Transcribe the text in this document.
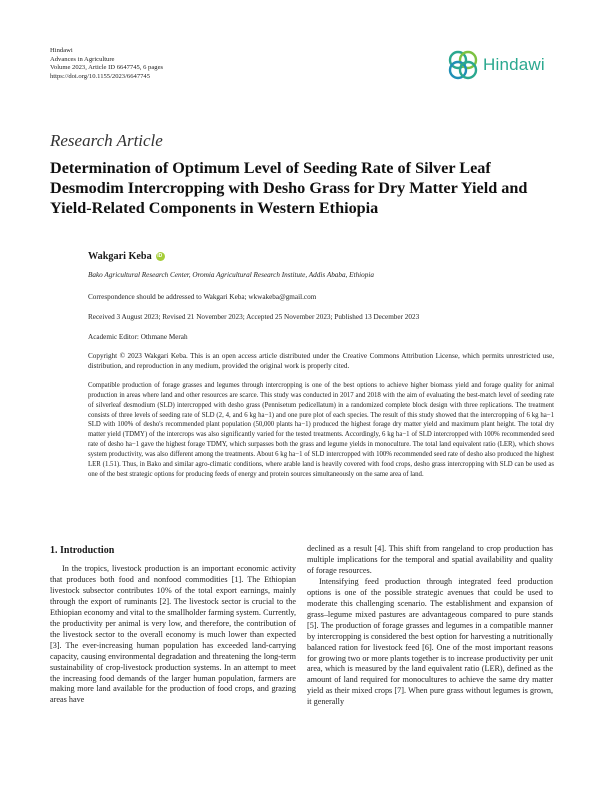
Hindawi
Advances in Agriculture
Volume 2023, Article ID 6647745, 6 pages
https://doi.org/10.1155/2023/6647745
Hindawi
Research Article
Determination of Optimum Level of Seeding Rate of Silver Leaf Desmodim Intercropping with Desho Grass for Dry Matter Yield and Yield-Related Components in Western Ethiopia
Wakgari Keba
iD
Bako Agricultural Research Center, Oromia Agricultural Research Institute, Addis Ababa, Ethiopia
Correspondence should be addressed to Wakgari Keba; wkwakeba@gmail.com
Received 3 August 2023; Revised 21 November 2023; Accepted 25 November 2023; Published 13 December 2023
Academic Editor: Othmane Merah
Copyright © 2023 Wakgari Keba. This is an open access article distributed under the Creative Commons Attribution License, which permits unrestricted use, distribution, and reproduction in any medium, provided the original work is properly cited.
Compatible production of forage grasses and legumes through intercropping is one of the best options to achieve higher biomass yield and forage quality for animal production in areas where land and other resources are scarce. This study was conducted in 2017 and 2018 with the aim of evaluating the best-match level of seeding rate of silverleaf desmodium (SLD) intercropped with desho grass (Pennisetum pedicellatum) in a randomized complete block design with three replications. The treatment consists of three levels of seeding rate of SLD (2, 4, and 6 kg ha−1) and one pure plot of each species. The result of this study showed that the intercropping of 6 kg ha−1 SLD with 100% of desho's recommended plant population (50,000 plants ha−1) produced the highest forage dry matter yield and maximum plant height. The total dry matter yield (TDMY) of the intercrops was also significantly varied for the tested treatments. Accordingly, 6 kg ha−1 of SLD intercropped with 100% recommended seed rate of desho ha−1 gave the highest forage TDMY, which surpasses both the grass and legume yields in monoculture. The total land equivalent ratio (LER), which shows system productivity, was also different among the treatments. About 6 kg ha−1 of SLD intercropped with 100% recommended seed rate of desho also produced the highest LER (1.51). Thus, in Bako and similar agro-climatic conditions, where arable land is heavily covered with food crops, desho grass intercropping with SLD can be used as one of the best strategic options for producing feeds of energy and protein sources simultaneously on the same area of land.
1. Introduction

In the tropics, livestock production is an important economic activity that produces both food and nonfood commodities [1]. The Ethiopian livestock subsector contributes 10% of the total export earnings, mainly through the export of ruminants [2]. The livestock sector is crucial to the Ethiopian economy and vital to the smallholder farming system. Currently, the productivity per animal is very low, and therefore, the contribution of the livestock sector to the overall economy is much lower than expected [3]. The ever-increasing human population has exceeded land-carrying capacity, causing environmental degradation and threatening the long-term sustainability of crop-livestock production systems. In an attempt to meet the increasing food demands of the larger human population, farmers are making more land available for the production of food crops, and grazing areas have

declined as a result [4]. This shift from rangeland to crop production has multiple implications for the temporal and spatial availability and quality of forage resources.

Intensifying feed production through integrated feed production options is one of the possible strategic avenues that could be used to moderate this challenging scenario. The establishment and expansion of grass–legume mixed pastures are advantageous compared to pure stands [5]. The production of forage grasses and legumes in a compatible manner by intercropping is considered the best option for harvesting a nutritionally balanced ration for livestock feed [6]. One of the most important reasons for growing two or more plants together is to increase productivity per unit area, which is measured by the land equivalent ratio (LER), defined as the amount of land required for monocultures to achieve the same dry matter yield as their mixed crops [7]. When pure grass without legumes is grown, it generally
